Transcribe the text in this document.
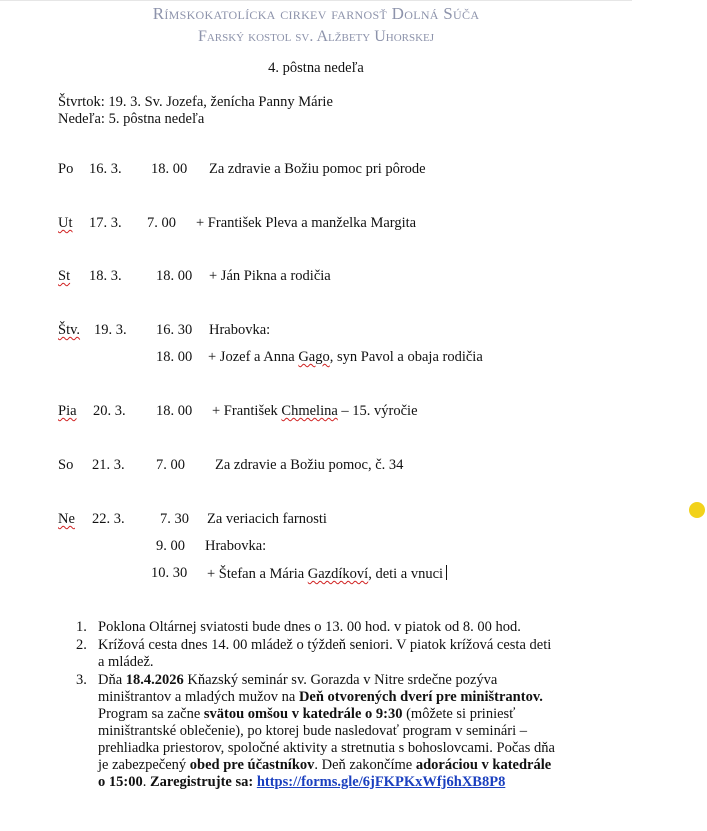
Rímskokatolícka cirkev farnosť Dolná Súča
Farský kostol sv. Alžbety Uhorskej
4. pôstna nedeľa
Štvrtok: 19. 3. Sv. Jozefa, ženícha Panny Márie
Nedeľa: 5. pôstna nedeľa
Po 16. 3. 18. 00 Za zdravie a Božiu pomoc pri pôrode
Ut 17. 3. 7. 00 + František Pleva a manželka Margita
St 18. 3. 18. 00 + Ján Pikna a rodičia
Štv. 19. 3. 16. 30 Hrabovka:
18. 00 + Jozef a Anna Gago, syn Pavol a obaja rodičia
Pia 20. 3. 18. 00 + František Chmelina – 15. výročie
So 21. 3. 7. 00 Za zdravie a Božiu pomoc, č. 34
Ne 22. 3. 7. 30 Za veriacich farnosti
9. 00 Hrabovka:
10. 30 + Štefan a Mária Gazdíkoví, deti a vnuci
1. Poklona Oltárnej sviatosti bude dnes o 13. 00 hod. v piatok od 8. 00 hod.
2. Krížová cesta dnes 14. 00 mládež o týždeň seniori. V piatok krížová cesta deti a mládež.
3. Dňa 18.4.2026 Kňazský seminár sv. Gorazda v Nitre srdečne pozýva miništrantov a mladých mužov na Deň otvorených dverí pre miništrantov. Program sa začne svätou omšou v katedrále o 9:30 (môžete si priniesť miništrantské oblečenie), po ktorej bude nasledovať program v seminári – prehliadka priestorov, spoločné aktivity a stretnutia s bohoslovcami. Počas dňa je zabezpečený obed pre účastníkov. Deň zakončíme adoráciou v katedrále o 15:00. Zaregistrujte sa: https://forms.gle/6jFKPKxWfj6hXB8P8
